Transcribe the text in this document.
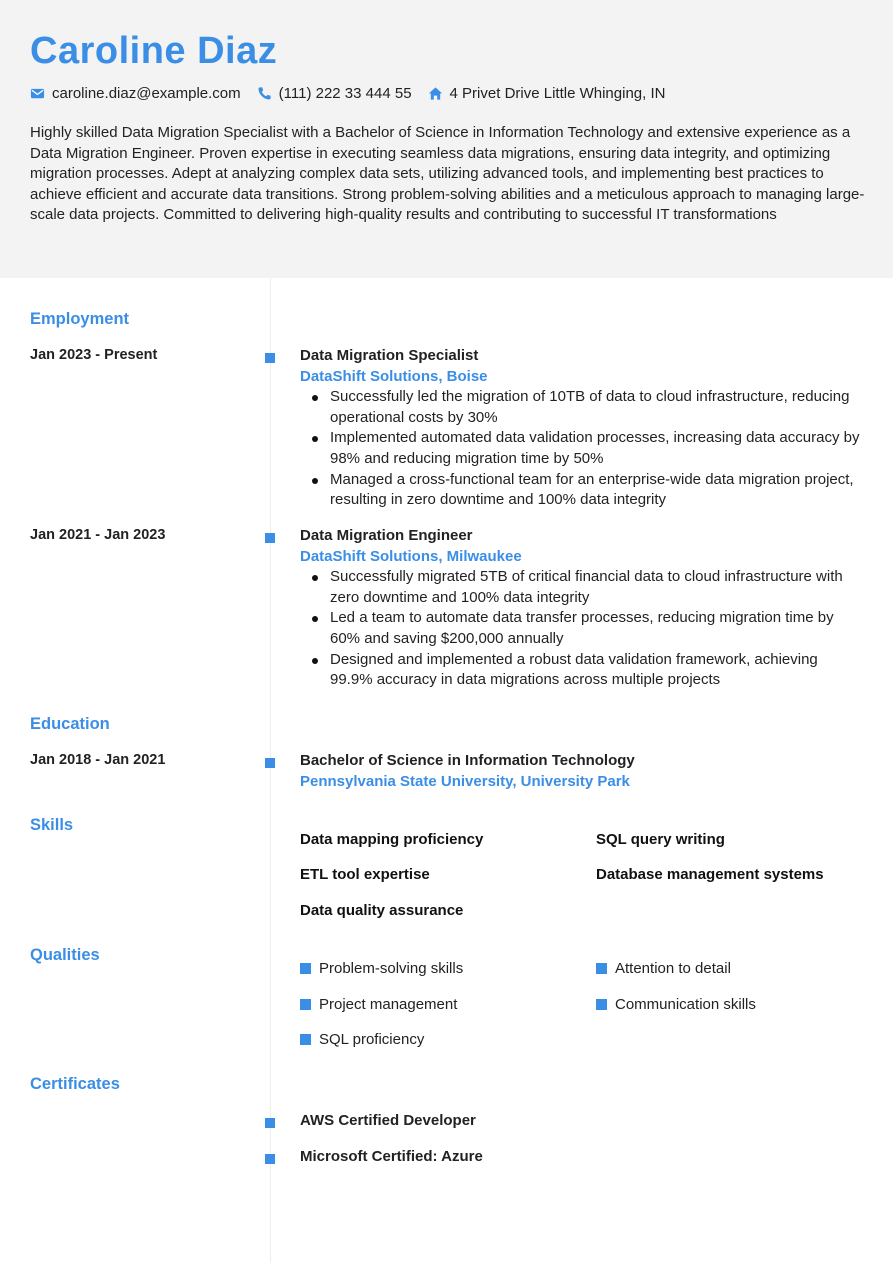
Caroline Diaz
caroline.diaz@example.com	(111) 222 33 444 55	4 Privet Drive Little Whinging, IN
Highly skilled Data Migration Specialist with a Bachelor of Science in Information Technology and extensive experience as a Data Migration Engineer. Proven expertise in executing seamless data migrations, ensuring data integrity, and optimizing migration processes. Adept at analyzing complex data sets, utilizing advanced tools, and implementing best practices to achieve efficient and accurate data transitions. Strong problem-solving abilities and a meticulous approach to managing large-scale data projects. Committed to delivering high-quality results and contributing to successful IT transformations
Employment
Jan 2023 - Present	Data Migration Specialist
DataShift Solutions, Boise
Successfully led the migration of 10TB of data to cloud infrastructure, reducing operational costs by 30%
Implemented automated data validation processes, increasing data accuracy by 98% and reducing migration time by 50%
Managed a cross-functional team for an enterprise-wide data migration project, resulting in zero downtime and 100% data integrity
Jan 2021 - Jan 2023	Data Migration Engineer
DataShift Solutions, Milwaukee
Successfully migrated 5TB of critical financial data to cloud infrastructure with zero downtime and 100% data integrity
Led a team to automate data transfer processes, reducing migration time by 60% and saving $200,000 annually
Designed and implemented a robust data validation framework, achieving 99.9% accuracy in data migrations across multiple projects
Education
Jan 2018 - Jan 2021	Bachelor of Science in Information Technology
Pennsylvania State University, University Park
Skills
Data mapping proficiency	SQL query writing
ETL tool expertise	Database management systems
Data quality assurance
Qualities
Problem-solving skills	Attention to detail
Project management	Communication skills
SQL proficiency
Certificates
AWS Certified Developer
Microsoft Certified: Azure
